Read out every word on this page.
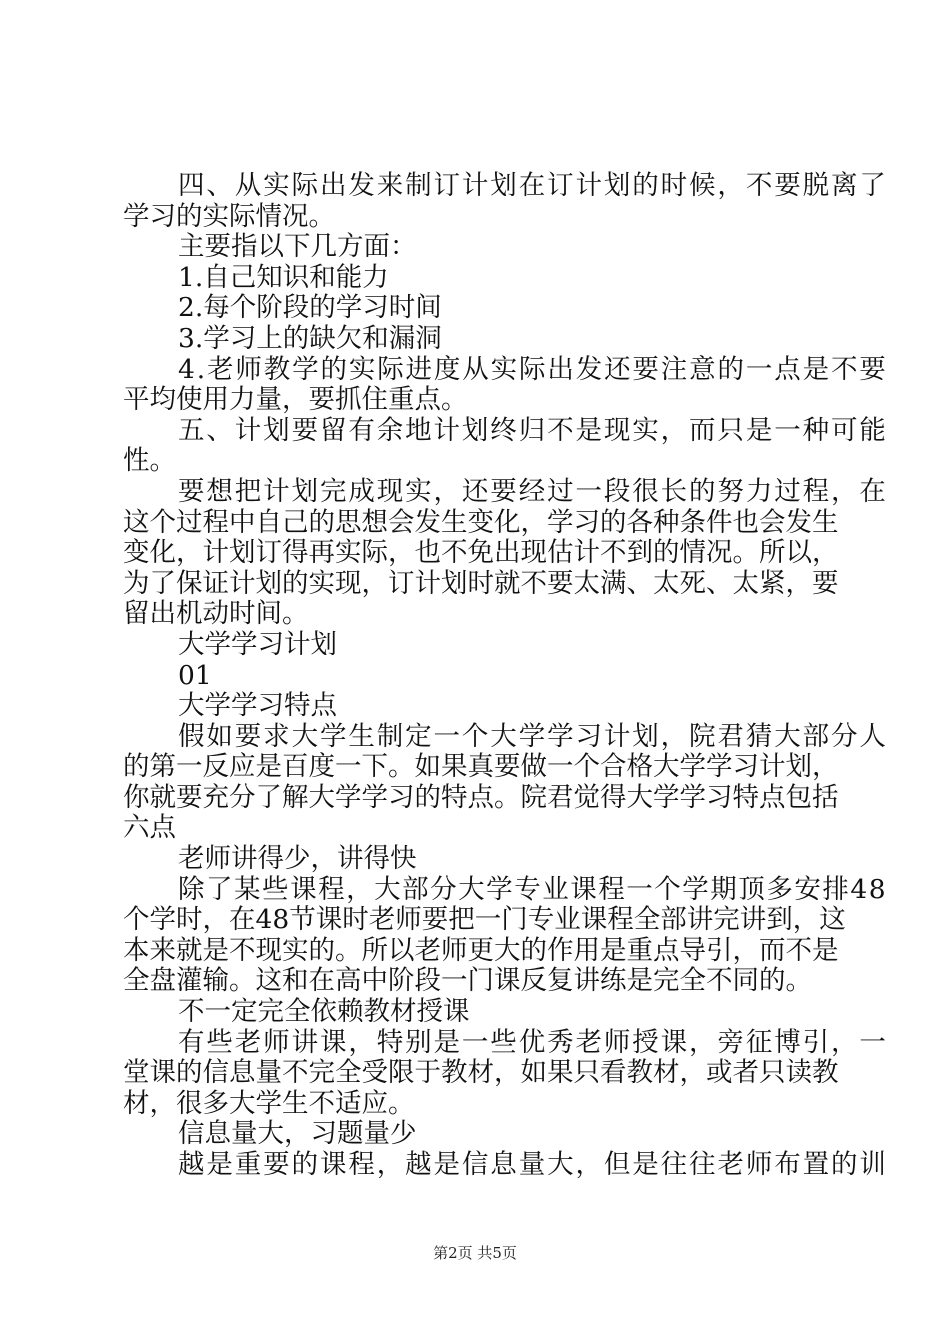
四 、 从 实 际 出 发 来 制 订 计 划 在 订 计 划 的 时 候 ， 不 要 脱 离 了

学习的实际情况。

主要指以下几方面：

1.自己知识和能力

2.每个阶段的学习时间

3.学习上的缺欠和漏洞

4 . 老 师 教 学 的 实 际 进 度 从 实 际 出 发 还 要 注 意 的 一 点 是 不 要

平均使用力量，要抓住重点。

五 、 计 划 要 留 有 余 地 计 划 终 归 不 是 现 实 ， 而 只 是 一 种 可 能

性。

要 想 把 计 划 完 成 现 实 ， 还 要 经 过 一 段 很 长 的 努 力 过 程 ， 在

这 个 过 程 中 自 己 的 思 想 会 发 生 变 化 ， 学 习 的 各 种 条 件 也 会 发 生

变 化 ， 计 划 订 得 再 实 际 ， 也 不 免 出 现 估 计 不 到 的 情 况 。 所 以 ，

为 了 保 证 计 划 的 实 现 ， 订 计 划 时 就 不 要 太 满 、 太 死 、 太 紧 ， 要

留出机动时间。

大学学习计划

01

大学学习特点

假 如 要 求 大 学 生 制 定 一 个 大 学 学 习 计 划 ， 院 君 猜 大 部 分 人

的 第 一 反 应 是 百 度 一 下 。 如 果 真 要 做 一 个 合 格 大 学 学 习 计 划 ，

你 就 要 充 分 了 解 大 学 学 习 的 特 点 。 院 君 觉 得 大 学 学 习 特 点 包 括

六点

老师讲得少，讲得快

除 了 某 些 课 程 ， 大 部 分 大 学 专 业 课 程 一 个 学 期 顶 多 安 排 4 8

个 学 时 ， 在 4 8 节 课 时 老 师 要 把 一 门 专 业 课 程 全 部 讲 完 讲 到 ， 这

本 来 就 是 不 现 实 的 。 所 以 老 师 更 大 的 作 用 是 重 点 导 引 ， 而 不 是

全盘灌输。这和在高中阶段一门课反复讲练是完全不同的。

不一定完全依赖教材授课

有 些 老 师 讲 课 ， 特 别 是 一 些 优 秀 老 师 授 课 ， 旁 征 博 引 ， 一

堂 课 的 信 息 量 不 完 全 受 限 于 教 材 ， 如 果 只 看 教 材 ， 或 者 只 读 教

材，很多大学生不适应。

信息量大，习题量少

越 是 重 要 的 课 程 ， 越 是 信 息 量 大 ， 但 是 往 往 老 师 布 置 的 训

第2页 共5页
